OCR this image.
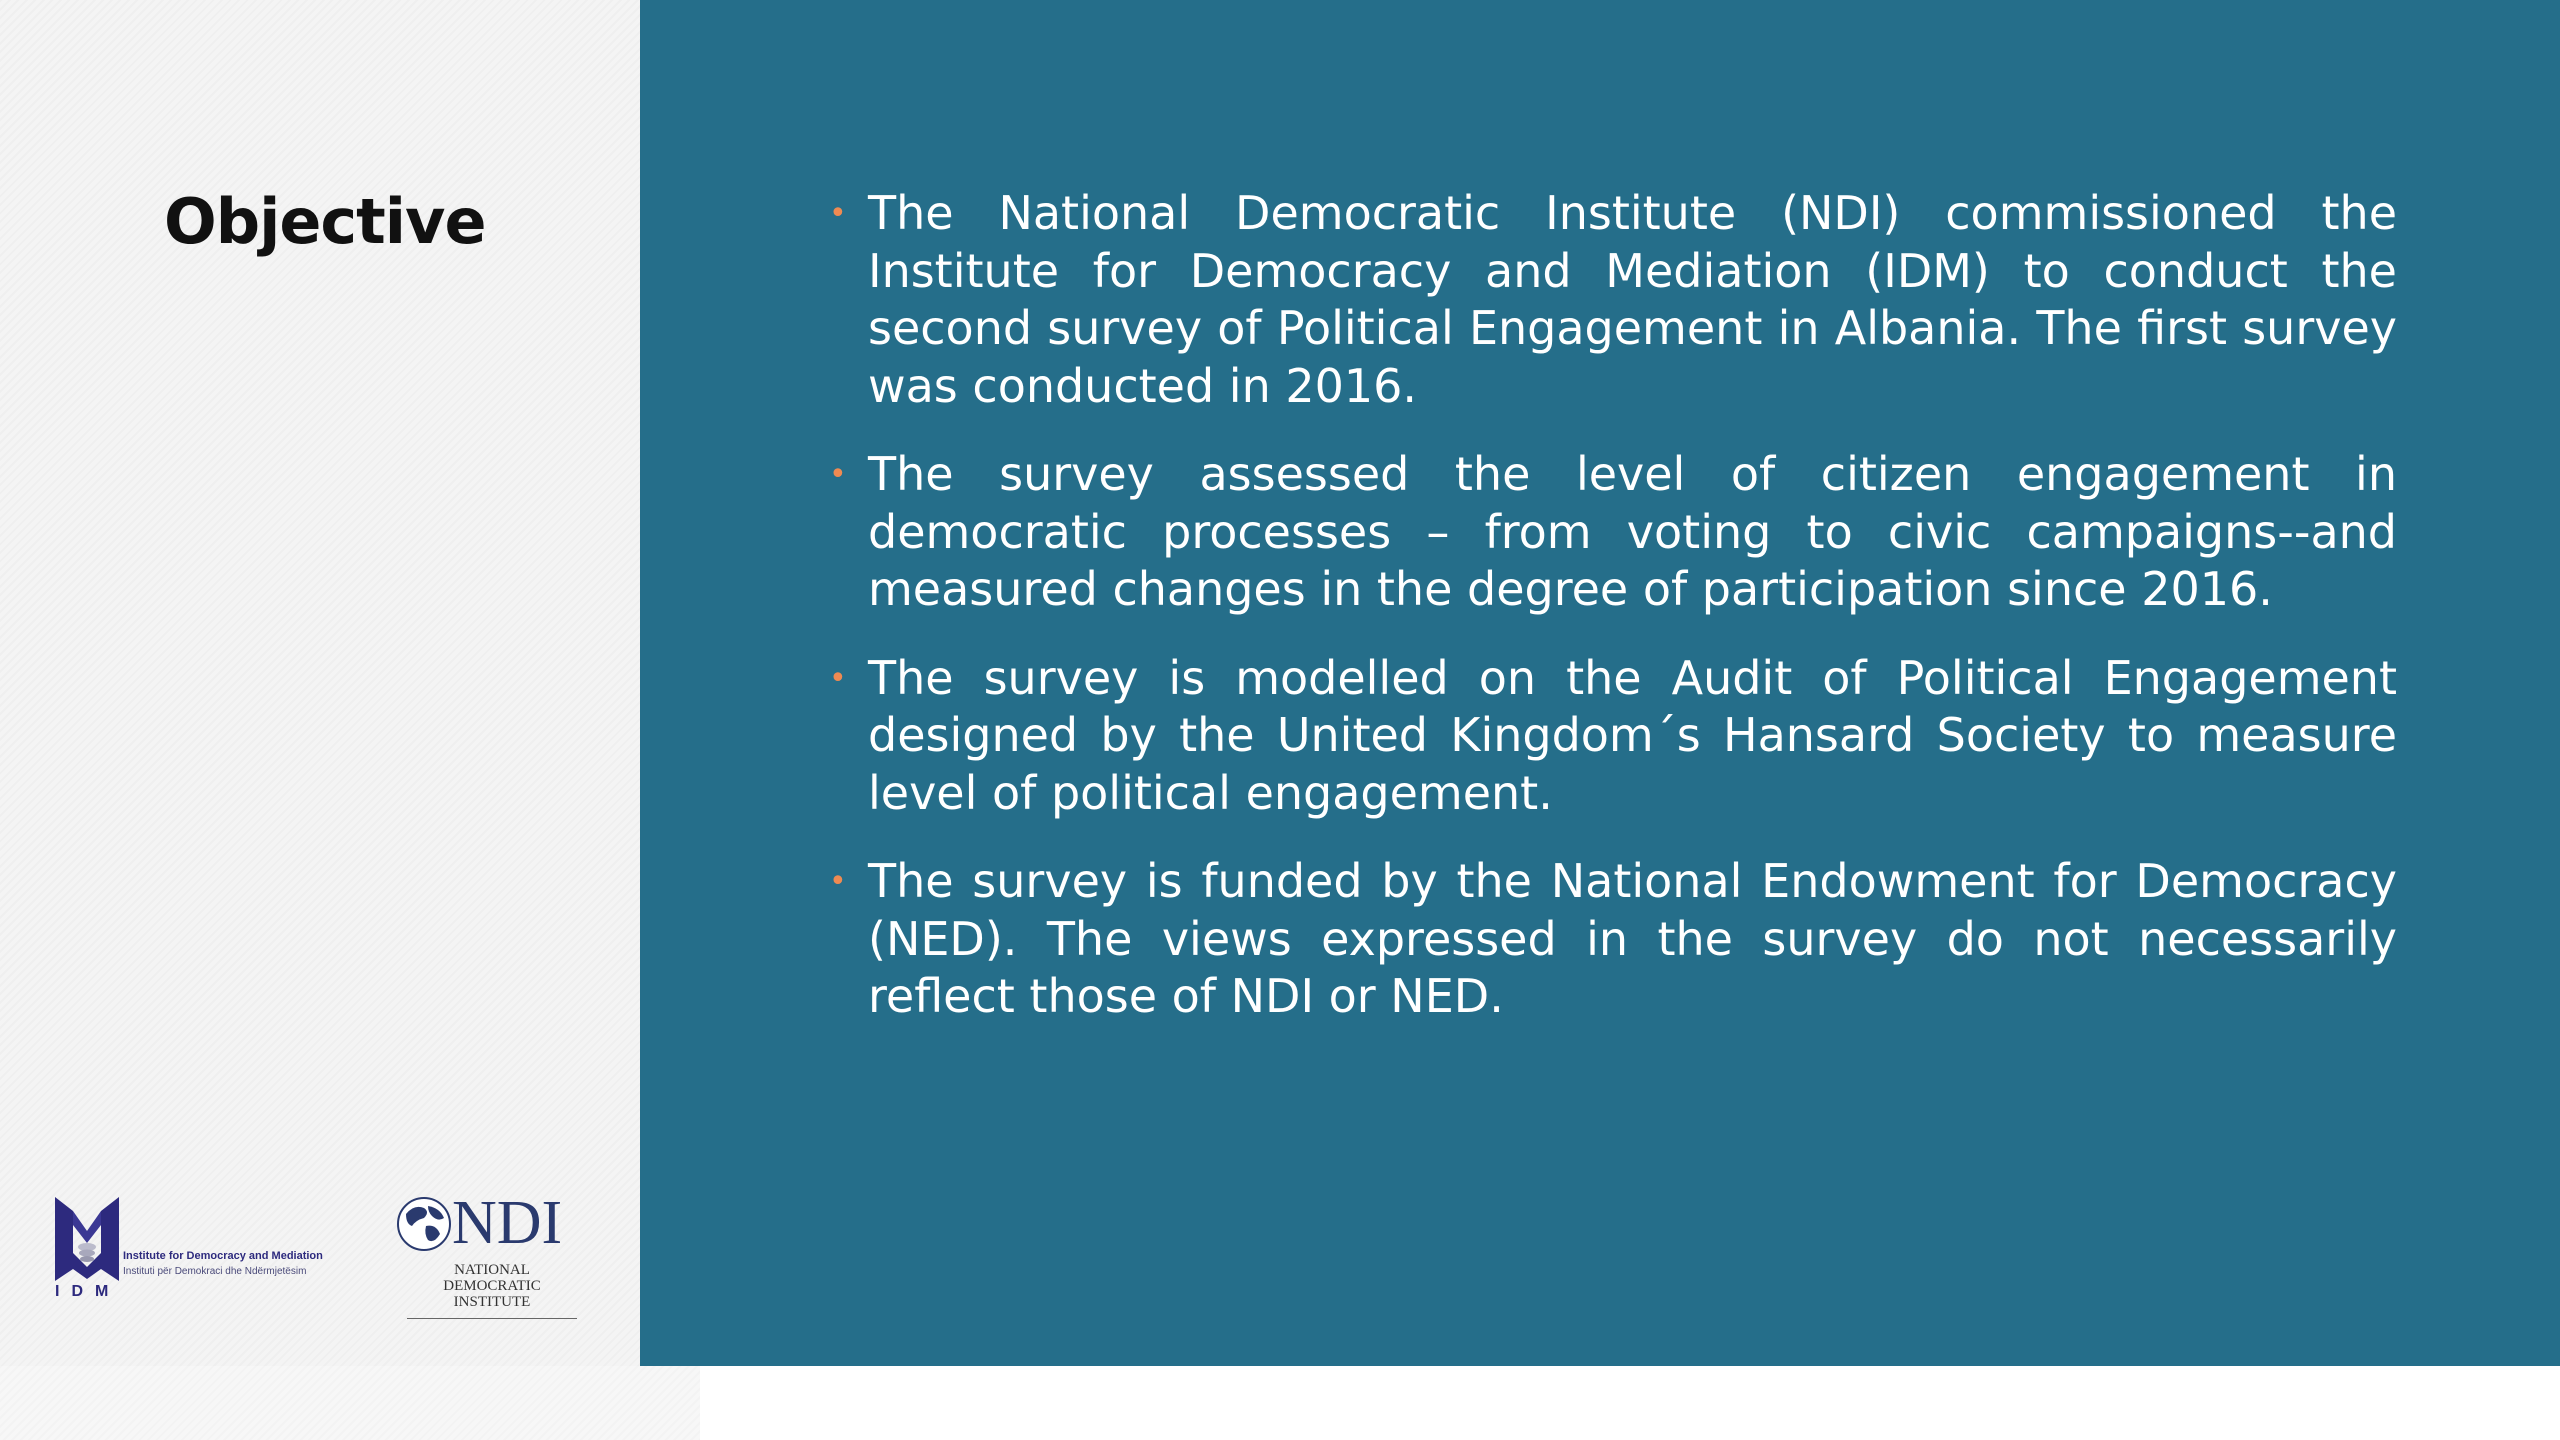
Objective
Institute for Democracy and Mediation
Instituti për Demokraci dhe Ndërmjetësim
IDM
NDI
NATIONAL
DEMOCRATIC
INSTITUTE
• The National Democratic Institute (NDI) commissioned the Institute for Democracy and Mediation (IDM) to conduct the second survey of Political Engagement in Albania. The first survey was conducted in 2016.
• The survey assessed the level of citizen engagement in democratic processes – from voting to civic campaigns--and measured changes in the degree of participation since 2016.
• The survey is modelled on the Audit of Political Engagement designed by the United Kingdom´s Hansard Society to measure level of political engagement.
• The survey is funded by the National Endowment for Democracy (NED). The views expressed in the survey do not necessarily reflect those of NDI or NED.
